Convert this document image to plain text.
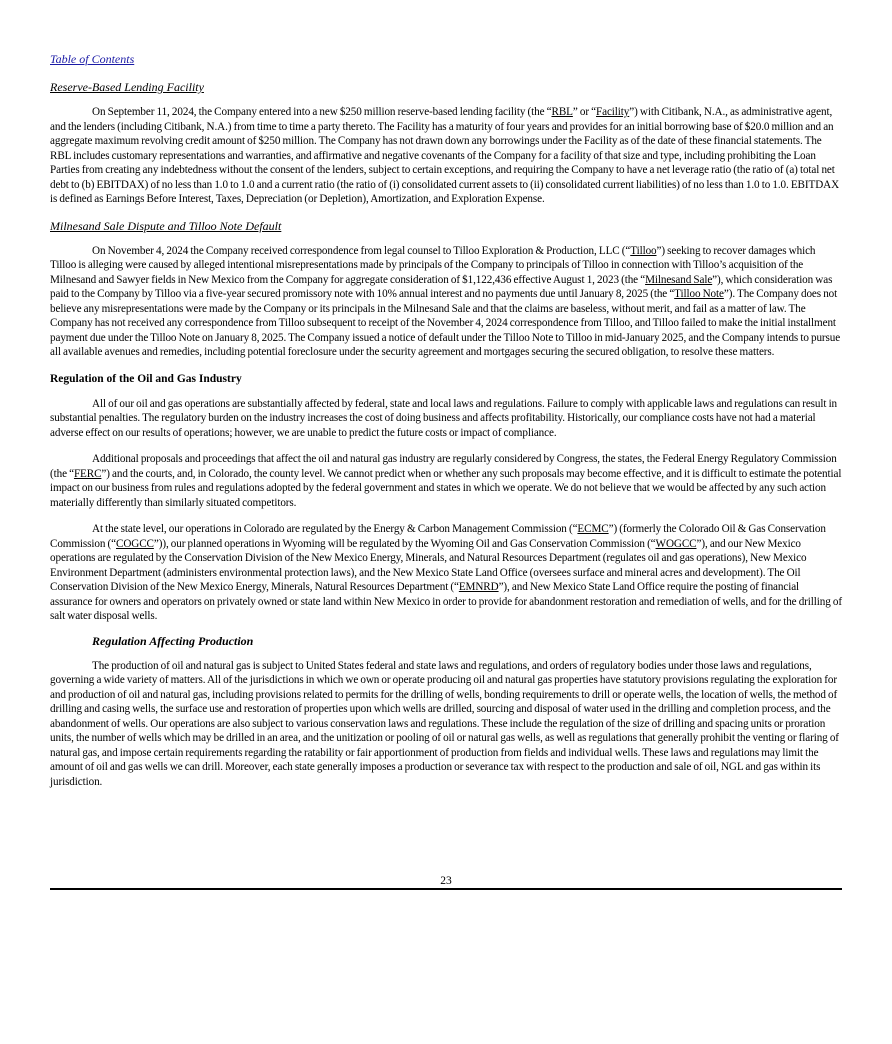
Table of Contents
Reserve-Based Lending Facility

On September 11, 2024, the Company entered into a new $250 million reserve-based lending facility (the “RBL” or “Facility”) with Citibank, N.A., as administrative agent, and the lenders (including Citibank, N.A.) from time to time a party thereto. The Facility has a maturity of four years and provides for an initial borrowing base of $20.0 million and an aggregate maximum revolving credit amount of $250 million. The Company has not drawn down any borrowings under the Facility as of the date of these financial statements. The RBL includes customary representations and warranties, and affirmative and negative covenants of the Company for a facility of that size and type, including prohibiting the Loan Parties from creating any indebtedness without the consent of the lenders, subject to certain exceptions, and requiring the Company to have a net leverage ratio (the ratio of (a) total net debt to (b) EBITDAX) of no less than 1.0 to 1.0 and a current ratio (the ratio of (i) consolidated current assets to (ii) consolidated current liabilities) of no less than 1.0 to 1.0. EBITDAX is defined as Earnings Before Interest, Taxes, Depreciation (or Depletion), Amortization, and Exploration Expense.

Milnesand Sale Dispute and Tilloo Note Default

On November 4, 2024 the Company received correspondence from legal counsel to Tilloo Exploration & Production, LLC (“Tilloo”) seeking to recover damages which Tilloo is alleging were caused by alleged intentional misrepresentations made by principals of the Company to principals of Tilloo in connection with Tilloo’s acquisition of the Milnesand and Sawyer fields in New Mexico from the Company for aggregate consideration of $1,122,436 effective August 1, 2023 (the “Milnesand Sale”), which consideration was paid to the Company by Tilloo via a five-year secured promissory note with 10% annual interest and no payments due until January 8, 2025 (the “Tilloo Note”). The Company does not believe any misrepresentations were made by the Company or its principals in the Milnesand Sale and that the claims are baseless, without merit, and fail as a matter of law. The Company has not received any correspondence from Tilloo subsequent to receipt of the November 4, 2024 correspondence from Tilloo, and Tilloo failed to make the initial installment payment due under the Tilloo Note on January 8, 2025. The Company issued a notice of default under the Tilloo Note to Tilloo in mid-January 2025, and the Company intends to pursue all available avenues and remedies, including potential foreclosure under the security agreement and mortgages securing the secured obligation, to resolve these matters.

Regulation of the Oil and Gas Industry

All of our oil and gas operations are substantially affected by federal, state and local laws and regulations. Failure to comply with applicable laws and regulations can result in substantial penalties. The regulatory burden on the industry increases the cost of doing business and affects profitability. Historically, our compliance costs have not had a material adverse effect on our results of operations; however, we are unable to predict the future costs or impact of compliance.

Additional proposals and proceedings that affect the oil and natural gas industry are regularly considered by Congress, the states, the Federal Energy Regulatory Commission (the “FERC”) and the courts, and, in Colorado, the county level. We cannot predict when or whether any such proposals may become effective, and it is difficult to estimate the potential impact on our business from rules and regulations adopted by the federal government and states in which we operate. We do not believe that we would be affected by any such action materially differently than similarly situated competitors.

At the state level, our operations in Colorado are regulated by the Energy & Carbon Management Commission (“ECMC”) (formerly the Colorado Oil & Gas Conservation Commission (“COGCC”)), our planned operations in Wyoming will be regulated by the Wyoming Oil and Gas Conservation Commission (“WOGCC”), and our New Mexico operations are regulated by the Conservation Division of the New Mexico Energy, Minerals, and Natural Resources Department (regulates oil and gas operations), New Mexico Environment Department (administers environmental protection laws), and the New Mexico State Land Office (oversees surface and mineral acres and development). The Oil Conservation Division of the New Mexico Energy, Minerals, Natural Resources Department (“EMNRD”), and New Mexico State Land Office require the posting of financial assurance for owners and operators on privately owned or state land within New Mexico in order to provide for abandonment restoration and remediation of wells, and for the drilling of salt water disposal wells.

Regulation Affecting Production

The production of oil and natural gas is subject to United States federal and state laws and regulations, and orders of regulatory bodies under those laws and regulations, governing a wide variety of matters. All of the jurisdictions in which we own or operate producing oil and natural gas properties have statutory provisions regulating the exploration for and production of oil and natural gas, including provisions related to permits for the drilling of wells, bonding requirements to drill or operate wells, the location of wells, the method of drilling and casing wells, the surface use and restoration of properties upon which wells are drilled, sourcing and disposal of water used in the drilling and completion process, and the abandonment of wells. Our operations are also subject to various conservation laws and regulations. These include the regulation of the size of drilling and spacing units or proration units, the number of wells which may be drilled in an area, and the unitization or pooling of oil or natural gas wells, as well as regulations that generally prohibit the venting or flaring of natural gas, and impose certain requirements regarding the ratability or fair apportionment of production from fields and individual wells. These laws and regulations may limit the amount of oil and gas wells we can drill. Moreover, each state generally imposes a production or severance tax with respect to the production and sale of oil, NGL and gas within its jurisdiction.

23
